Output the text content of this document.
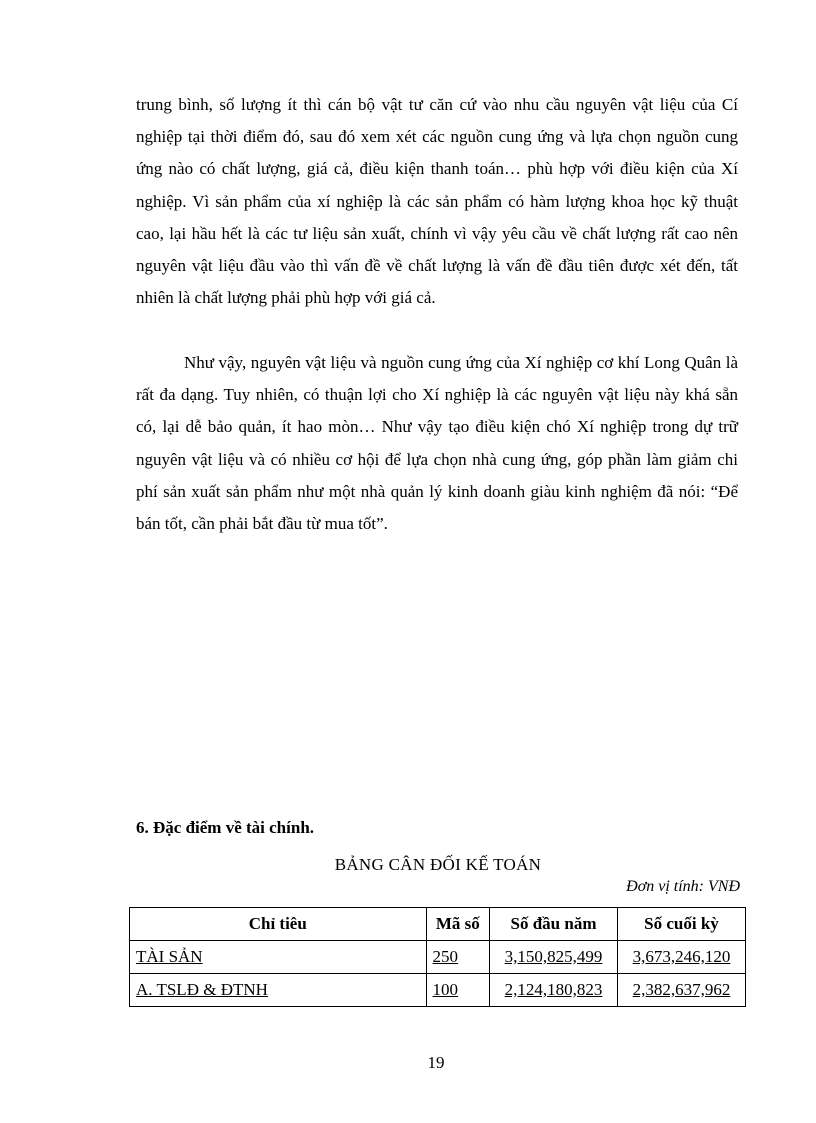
trung bình, số lượng ít thì cán bộ vật tư căn cứ vào nhu cầu nguyên vật liệu của Cí nghiệp tại thời điểm đó, sau đó xem xét các nguồn cung ứng và lựa chọn nguồn cung ứng nào có chất lượng, giá cả, điều kiện thanh toán… phù hợp với điều kiện của Xí nghiệp. Vì sản phẩm của xí nghiệp là các sản phẩm có hàm lượng khoa học kỹ thuật cao, lại hầu hết là các tư liệu sản xuất, chính vì vậy yêu cầu về chất lượng rất cao nên nguyên vật liệu đầu vào thì vấn đề về chất lượng là vấn đề đầu tiên được xét đến, tất nhiên là chất lượng phải phù hợp với giá cả.

Như vậy, nguyên vật liệu và nguồn cung ứng của Xí nghiệp cơ khí Long Quân là rất đa dạng. Tuy nhiên, có thuận lợi cho Xí nghiệp là các nguyên vật liệu này khá sẵn có, lại dễ bảo quản, ít hao mòn… Như vậy tạo điều kiện chó Xí nghiệp trong dự trữ nguyên vật liệu và có nhiều cơ hội để lựa chọn nhà cung ứng, góp phần làm giảm chi phí sản xuất sản phẩm như một nhà quản lý kinh doanh giàu kinh nghiệm đã nói: “Để bán tốt, cần phải bắt đầu từ mua tốt”.

6. Đặc điểm về tài chính.

BẢNG CÂN ĐỐI KẾ TOÁN

Đơn vị tính: VNĐ

Chỉ tiêu	Mã số	Số đầu năm	Số cuối kỳ
TÀI SẢN	250	3,150,825,499	3,673,246,120
A. TSLĐ & ĐTNH	100	2,124,180,823	2,382,637,962

19
